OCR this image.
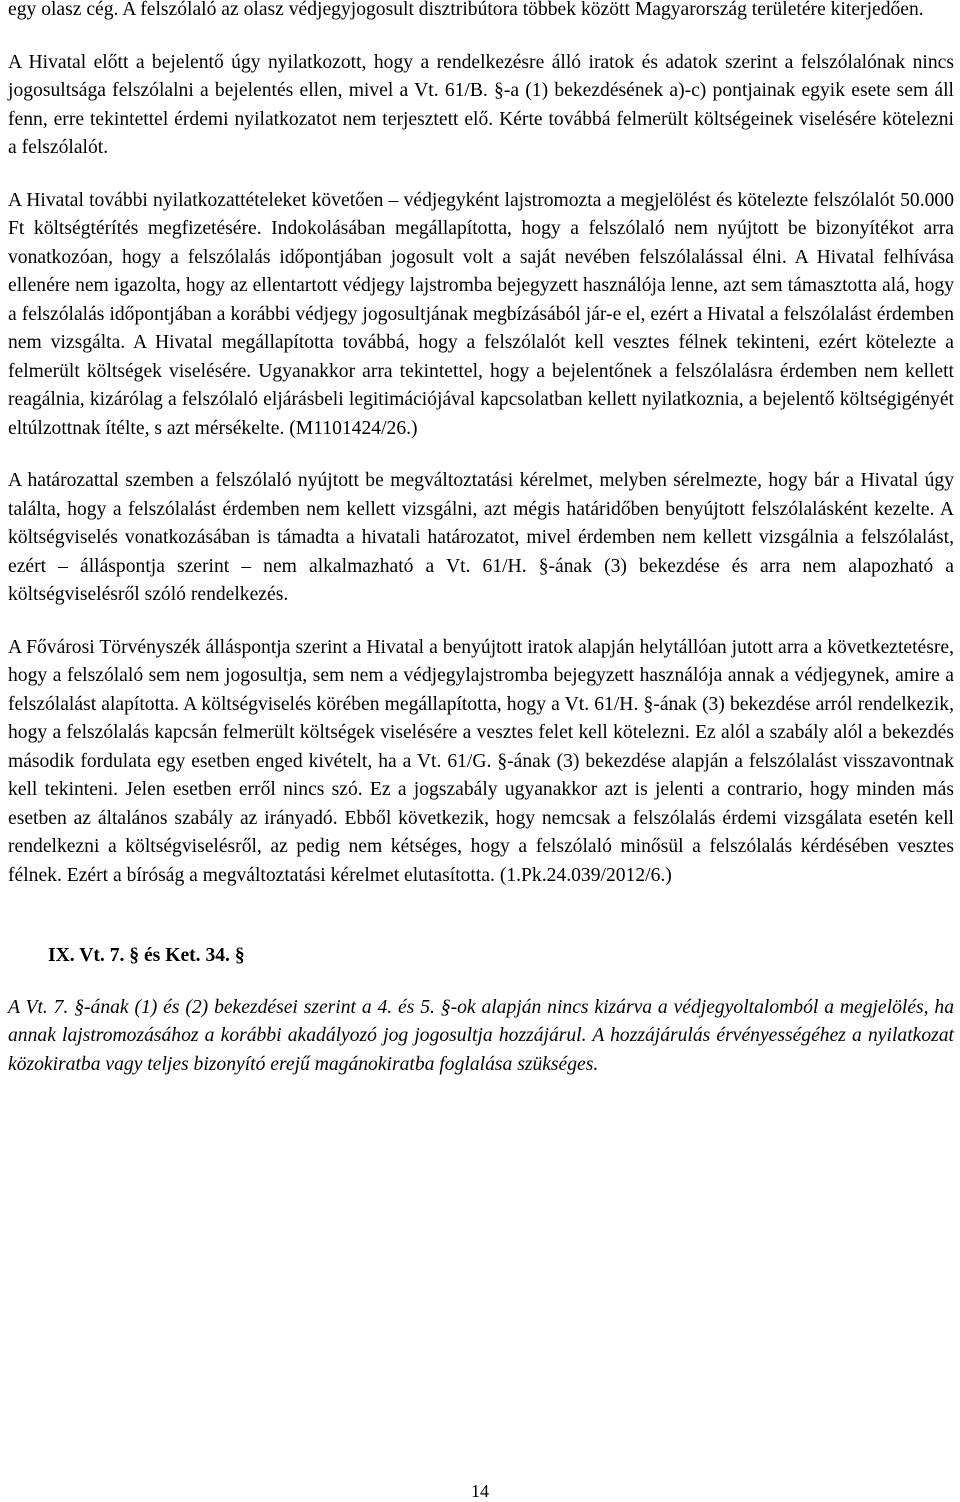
egy olasz cég. A felszólaló az olasz védjegyjogosult disztribútora többek között Magyarország területére kiterjedően.

A Hivatal előtt a bejelentő úgy nyilatkozott, hogy a rendelkezésre álló iratok és adatok szerint a felszólalónak nincs jogosultsága felszólalni a bejelentés ellen, mivel a Vt. 61/B. §-a (1) bekezdésének a)-c) pontjainak egyik esete sem áll fenn, erre tekintettel érdemi nyilatkozatot nem terjesztett elő. Kérte továbbá felmerült költségeinek viselésére kötelezni a felszólalót.

A Hivatal további nyilatkozattételeket követően – védjegyként lajstromozta a megjelölést és kötelezte felszólalót 50.000 Ft költségtérítés megfizetésére. Indokolásában megállapította, hogy a felszólaló nem nyújtott be bizonyítékot arra vonatkozóan, hogy a felszólalás időpontjában jogosult volt a saját nevében felszólalással élni. A Hivatal felhívása ellenére nem igazolta, hogy az ellentartott védjegy lajstromba bejegyzett használója lenne, azt sem támasztotta alá, hogy a felszólalás időpontjában a korábbi védjegy jogosultjának megbízásából jár-e el, ezért a Hivatal a felszólalást érdemben nem vizsgálta. A Hivatal megállapította továbbá, hogy a felszólalót kell vesztes félnek tekinteni, ezért kötelezte a felmerült költségek viselésére. Ugyanakkor arra tekintettel, hogy a bejelentőnek a felszólalásra érdemben nem kellett reagálnia, kizárólag a felszólaló eljárásbeli legitimációjával kapcsolatban kellett nyilatkoznia, a bejelentő költségigényét eltúlzottnak ítélte, s azt mérsékelte. (M1101424/26.)

A határozattal szemben a felszólaló nyújtott be megváltoztatási kérelmet, melyben sérelmezte, hogy bár a Hivatal úgy találta, hogy a felszólalást érdemben nem kellett vizsgálni, azt mégis határidőben benyújtott felszólalásként kezelte. A költségviselés vonatkozásában is támadta a hivatali határozatot, mivel érdemben nem kellett vizsgálnia a felszólalást, ezért – álláspontja szerint – nem alkalmazható a Vt. 61/H. §-ának (3) bekezdése és arra nem alapozható a költségviselésről szóló rendelkezés.

A Fővárosi Törvényszék álláspontja szerint a Hivatal a benyújtott iratok alapján helytállóan jutott arra a következtetésre, hogy a felszólaló sem nem jogosultja, sem nem a védjegylajstromba bejegyzett használója annak a védjegynek, amire a felszólalást alapította. A költségviselés körében megállapította, hogy a Vt. 61/H. §-ának (3) bekezdése arról rendelkezik, hogy a felszólalás kapcsán felmerült költségek viselésére a vesztes felet kell kötelezni. Ez alól a szabály alól a bekezdés második fordulata egy esetben enged kivételt, ha a Vt. 61/G. §-ának (3) bekezdése alapján a felszólalást visszavontnak kell tekinteni. Jelen esetben erről nincs szó. Ez a jogszabály ugyanakkor azt is jelenti a contrario, hogy minden más esetben az általános szabály az irányadó. Ebből következik, hogy nemcsak a felszólalás érdemi vizsgálata esetén kell rendelkezni a költségviselésről, az pedig nem kétséges, hogy a felszólaló minősül a felszólalás kérdésében vesztes félnek. Ezért a bíróság a megváltoztatási kérelmet elutasította. (1.Pk.24.039/2012/6.)

IX. Vt. 7. § és Ket. 34. §

A Vt. 7. §-ának (1) és (2) bekezdései szerint a 4. és 5. §-ok alapján nincs kizárva a védjegyoltalomból a megjelölés, ha annak lajstromozásához a korábbi akadályozó jog jogosultja hozzájárul. A hozzájárulás érvényességéhez a nyilatkozat közokiratba vagy teljes bizonyító erejű magánokiratba foglalása szükséges.

14
